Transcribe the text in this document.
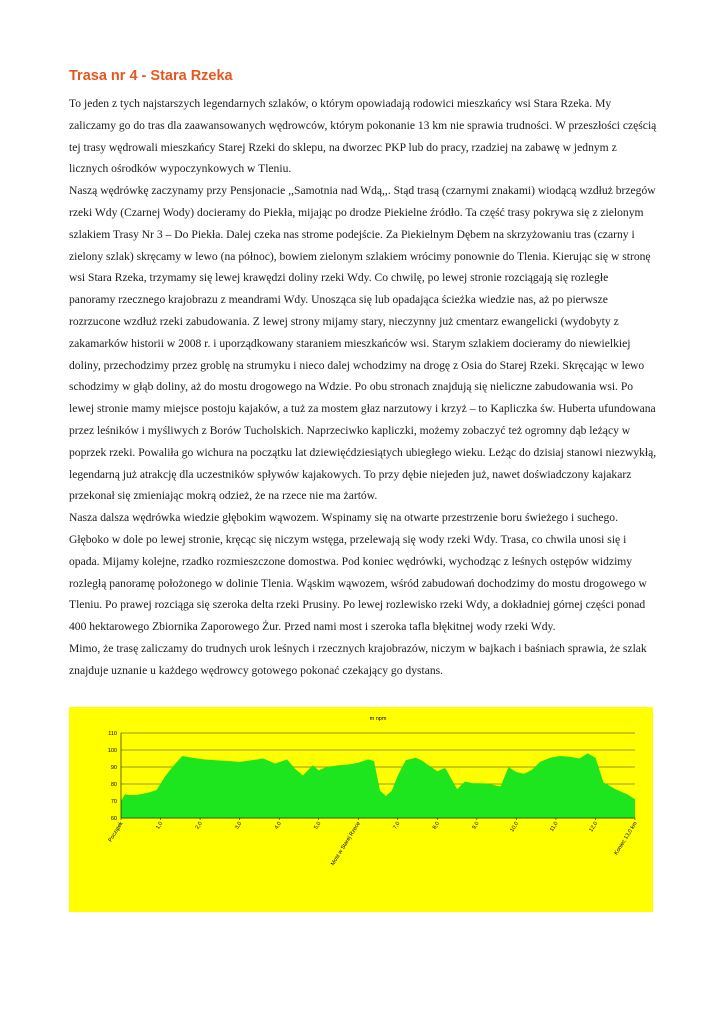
Trasa nr 4 - Stara Rzeka

To jeden z tych najstarszych legendarnych szlaków, o którym opowiadają rodowici mieszkańcy wsi Stara Rzeka. My zaliczamy go do tras dla zaawansowanych wędrowców, którym pokonanie 13 km nie sprawia trudności. W przeszłości częścią tej trasy wędrowali mieszkańcy Starej Rzeki do sklepu, na dworzec PKP lub do pracy, rzadziej na zabawę w jednym z licznych ośrodków wypoczynkowych w Tleniu.

Naszą wędrówkę zaczynamy przy Pensjonacie ,,Samotnia nad Wdą,,. Stąd trasą (czarnymi znakami) wiodącą wzdłuż brzegów rzeki Wdy (Czarnej Wody) docieramy do Piekła, mijając po drodze Piekielne źródło. Ta część trasy pokrywa się z zielonym szlakiem Trasy Nr 3 – Do Piekła. Dalej czeka nas strome podejście. Za Piekielnym Dębem na skrzyżowaniu tras (czarny i zielony szlak) skręcamy w lewo (na północ), bowiem zielonym szlakiem wrócimy ponownie do Tlenia. Kierując się w stronę wsi Stara Rzeka, trzymamy się lewej krawędzi doliny rzeki Wdy. Co chwilę, po lewej stronie rozciągają się rozległe panoramy rzecznego krajobrazu z meandrami Wdy. Unosząca się lub opadająca ścieżka wiedzie nas, aż po pierwsze rozrzucone wzdłuż rzeki zabudowania. Z lewej strony mijamy stary, nieczynny już cmentarz ewangelicki (wydobyty z zakamarków historii w 2008 r. i uporządkowany staraniem mieszkańców wsi. Starym szlakiem docieramy do niewielkiej doliny, przechodzimy przez groblę na strumyku i nieco dalej wchodzimy na drogę z Osia do Starej Rzeki. Skręcając w lewo schodzimy w głąb doliny, aż do mostu drogowego na Wdzie. Po obu stronach znajdują się nieliczne zabudowania wsi. Po lewej stronie mamy miejsce postoju kajaków, a tuż za mostem głaz narzutowy i krzyż – to Kapliczka św. Huberta ufundowana przez leśników i myśliwych z Borów Tucholskich. Naprzeciwko kapliczki, możemy zobaczyć też ogromny dąb leżący w poprzek rzeki. Powaliła go wichura na początku lat dziewięćdziesiątych ubiegłego wieku. Leżąc do dzisiaj stanowi niezwykłą, legendarną już atrakcję dla uczestników spływów kajakowych. To przy dębie niejeden już, nawet doświadczony kajakarz przekonał się zmieniając mokrą odzież, że na rzece nie ma żartów.

Nasza dalsza wędrówka wiedzie głębokim wąwozem. Wspinamy się na otwarte przestrzenie boru świeżego i suchego. Głęboko w dole po lewej stronie, kręcąc się niczym wstęga, przelewają się wody rzeki Wdy. Trasa, co chwila unosi się i opada. Mijamy kolejne, rzadko rozmieszczone domostwa. Pod koniec wędrówki, wychodząc z leśnych ostępów widzimy rozległą panoramę położonego w dolinie Tlenia. Wąskim wąwozem, wśród zabudowań dochodzimy do mostu drogowego w Tleniu. Po prawej rozciąga się szeroka delta rzeki Prusiny. Po lewej rozlewisko rzeki Wdy, a dokładniej górnej części ponad 400 hektarowego Zbiornika Zaporowego Żur. Przed nami most i szeroka tafla błękitnej wody rzeki Wdy.

Mimo, że trasę zaliczamy do trudnych urok leśnych i rzecznych krajobrazów, niczym w bajkach i baśniach sprawia, że szlak znajduje uznanie u każdego wędrowcy gotowego pokonać czekający go dystans.

m npm
60
70
80
90
100
110
Początek	1,0	2,0	3,0	4,0	5,0 Most w Starej Rzece	7,0	8,0	9,0	10,0	11,0	12,0	Koniec 13,0 km
